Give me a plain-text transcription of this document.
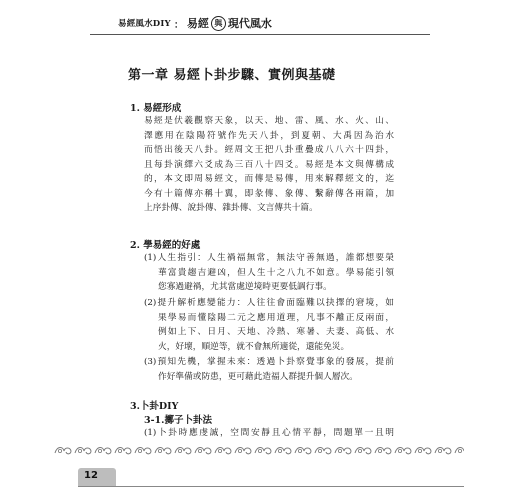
易經風水DIY ： 易經 與 現代風水
第一章 易經卜卦步驟、實例與基礎
1. 易經形成
易經是伏羲觀察天象，以天、地、雷、風、水、火、山、
澤應用在陰陽符號作先天八卦，到夏朝、大禹因為治水
而悟出後天八卦。經周文王把八卦重疊成八八六十四卦，
且每卦演繹六爻成為三百八十四爻。易經是本文與傳構成
的，本文即周易經文，而傳是易傳，用來解釋經文的，迄
今有十篇傳亦稱十翼，即彖傳、象傳、繫辭傳各兩篇，加
上序卦傳、說卦傳、雜卦傳、文言傳共十篇。
2. 學易經的好處
(1)人生指引：人生禍福無常，無法守善無過，誰都想要榮
華富貴趨吉避凶，但人生十之八九不如意。學易能引領
您寡過避禍，尤其當處逆境時更要低調行事。
(2)提升解析應變能力：人往往會面臨難以抉擇的窘境，如
果學易而懂陰陽二元之應用道理，凡事不離正反兩面，
例如上下、日月、天地、冷熱、寒暑、夫妻、高低、水
火，好壞，順逆等，就不會無所適從，還能免災。
(3)預知先機，掌握未來：透過卜卦察覺事象的發展，提前
作好準備或防患，更可藉此造福人群提升個人層次。
3.卜卦DIY
3-1.擲子卜卦法
(1)卜卦時應虔誠，空間安靜且心情平靜，問題單一且明
12
